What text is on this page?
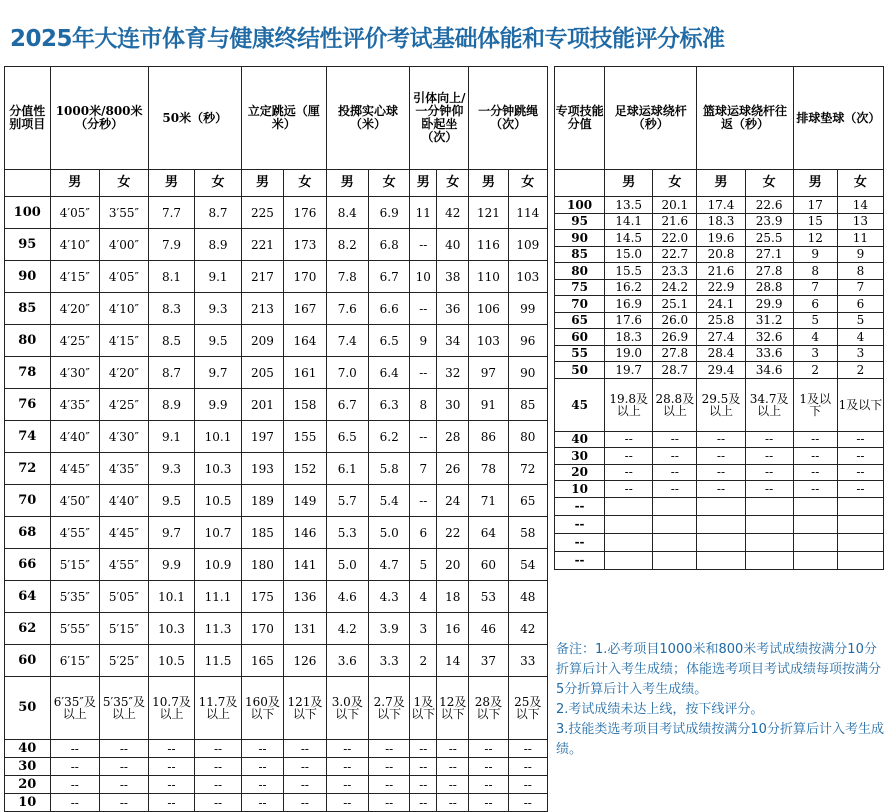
2025年大连市体育与健康终结性评价考试基础体能和专项技能评分标准
分值性别项目	1000米/800米（分秒）		50米（秒）		立定跳远（厘米）		投掷实心球（米）		引体向上/一分钟仰卧起坐（次）		一分钟跳绳（次）	
	男	女	男	女	男	女	男	女	男	女	男	女
100	4′05″	3′55″	7.7	8.7	225	176	8.4	6.9	11	42	121	114
95	4′10″	4′00″	7.9	8.9	221	173	8.2	6.8	--	40	116	109
90	4′15″	4′05″	8.1	9.1	217	170	7.8	6.7	10	38	110	103
85	4′20″	4′10″	8.3	9.3	213	167	7.6	6.6	--	36	106	99
80	4′25″	4′15″	8.5	9.5	209	164	7.4	6.5	9	34	103	96
78	4′30″	4′20″	8.7	9.7	205	161	7.0	6.4	--	32	97	90
76	4′35″	4′25″	8.9	9.9	201	158	6.7	6.3	8	30	91	85
74	4′40″	4′30″	9.1	10.1	197	155	6.5	6.2	--	28	86	80
72	4′45″	4′35″	9.3	10.3	193	152	6.1	5.8	7	26	78	72
70	4′50″	4′40″	9.5	10.5	189	149	5.7	5.4	--	24	71	65
68	4′55″	4′45″	9.7	10.7	185	146	5.3	5.0	6	22	64	58
66	5′15″	4′55″	9.9	10.9	180	141	5.0	4.7	5	20	60	54
64	5′35″	5′05″	10.1	11.1	175	136	4.6	4.3	4	18	53	48
62	5′55″	5′15″	10.3	11.3	170	131	4.2	3.9	3	16	46	42
60	6′15″	5′25″	10.5	11.5	165	126	3.6	3.3	2	14	37	33
50	6′35″及以上	5′35″及以上	10.7及以上	11.7及以上	160及以下	121及以下	3.0及以下	2.7及以下	1及以下	12及以下	28及以下	25及以下
40	--	--	--	--	--	--	--	--	--	--	--	--
30	--	--	--	--	--	--	--	--	--	--	--	--
20	--	--	--	--	--	--	--	--	--	--	--	--
10	--	--	--	--	--	--	--	--	--	--	--	--
专项技能分值	足球运球绕杆（秒）		篮球运球绕杆往返（秒）		排球垫球（次）	
	男	女	男	女	男	女
100	13.5	20.1	17.4	22.6	17	14
95	14.1	21.6	18.3	23.9	15	13
90	14.5	22.0	19.6	25.5	12	11
85	15.0	22.7	20.8	27.1	9	9
80	15.5	23.3	21.6	27.8	8	8
75	16.2	24.2	22.9	28.8	7	7
70	16.9	25.1	24.1	29.9	6	6
65	17.6	26.0	25.8	31.2	5	5
60	18.3	26.9	27.4	32.6	4	4
55	19.0	27.8	28.4	33.6	3	3
50	19.7	28.7	29.4	34.6	2	2
45	19.8及以上	28.8及以上	29.5及以上	34.7及以上	1及以下	1及以下
40	--	--	--	--	--	--
30	--	--	--	--	--	--
20	--	--	--	--	--	--
10	--	--	--	--	--	--
--						
--						
--						
--						
备注：1.必考项目1000米和800米考试成绩按满分10分折算后计入考生成绩；体能选考项目考试成绩每项按满分5分折算后计入考生成绩。
2.考试成绩未达上线，按下线评分。
3.技能类选考项目考试成绩按满分10分折算后计入考生成绩。
